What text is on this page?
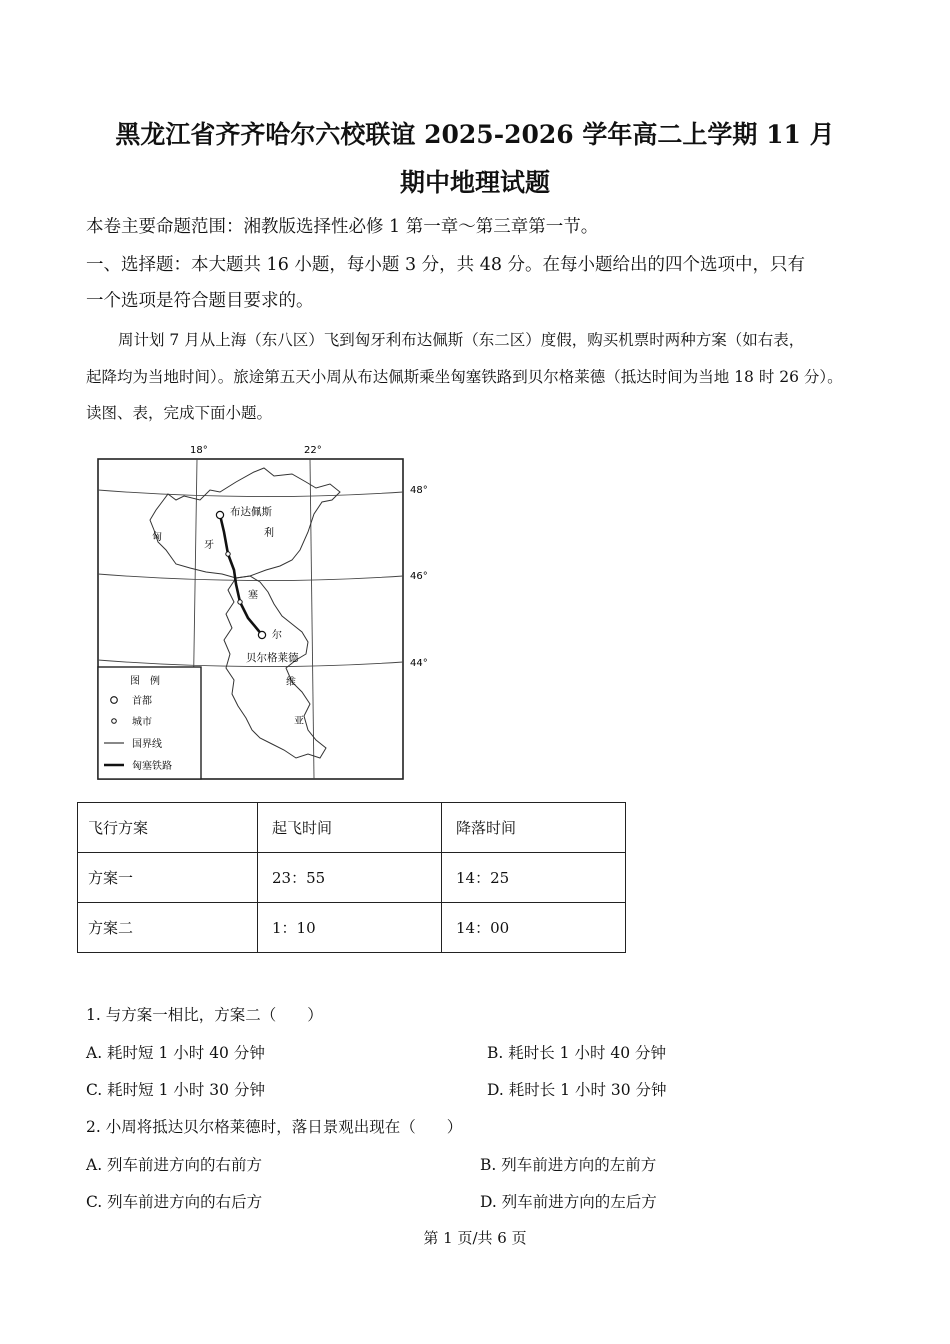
黑龙江省齐齐哈尔六校联谊 2025-2026 学年高二上学期 11 月
期中地理试题
本卷主要命题范围：湘教版选择性必修 1 第一章～第三章第一节。
一、选择题：本大题共 16 小题，每小题 3 分，共 48 分。在每小题给出的四个选项中，只有
一个选项是符合题目要求的。
周计划 7 月从上海（东八区）飞到匈牙利布达佩斯（东二区）度假，购买机票时两种方案（如右表，
起降均为当地时间）。旅途第五天小周从布达佩斯乘坐匈塞铁路到贝尔格莱德（抵达时间为当地 18 时 26 分）。
读图、表，完成下面小题。
18°	22°
48°
46°
44°
布达佩斯
贝尔格莱德
匈
牙
利
塞
尔
维
亚
图　例
首都
城市
国界线
匈塞铁路
飞行方案	起飞时间	降落时间
方案一	23：55	14：25
方案二	1：10	14：00
1. 与方案一相比，方案二（　　）
A. 耗时短 1 小时 40 分钟	B. 耗时长 1 小时 40 分钟
C. 耗时短 1 小时 30 分钟	D. 耗时长 1 小时 30 分钟
2. 小周将抵达贝尔格莱德时，落日景观出现在（　　）
A. 列车前进方向的右前方	B. 列车前进方向的左前方
C. 列车前进方向的右后方	D. 列车前进方向的左后方
第 1 页/共 6 页
